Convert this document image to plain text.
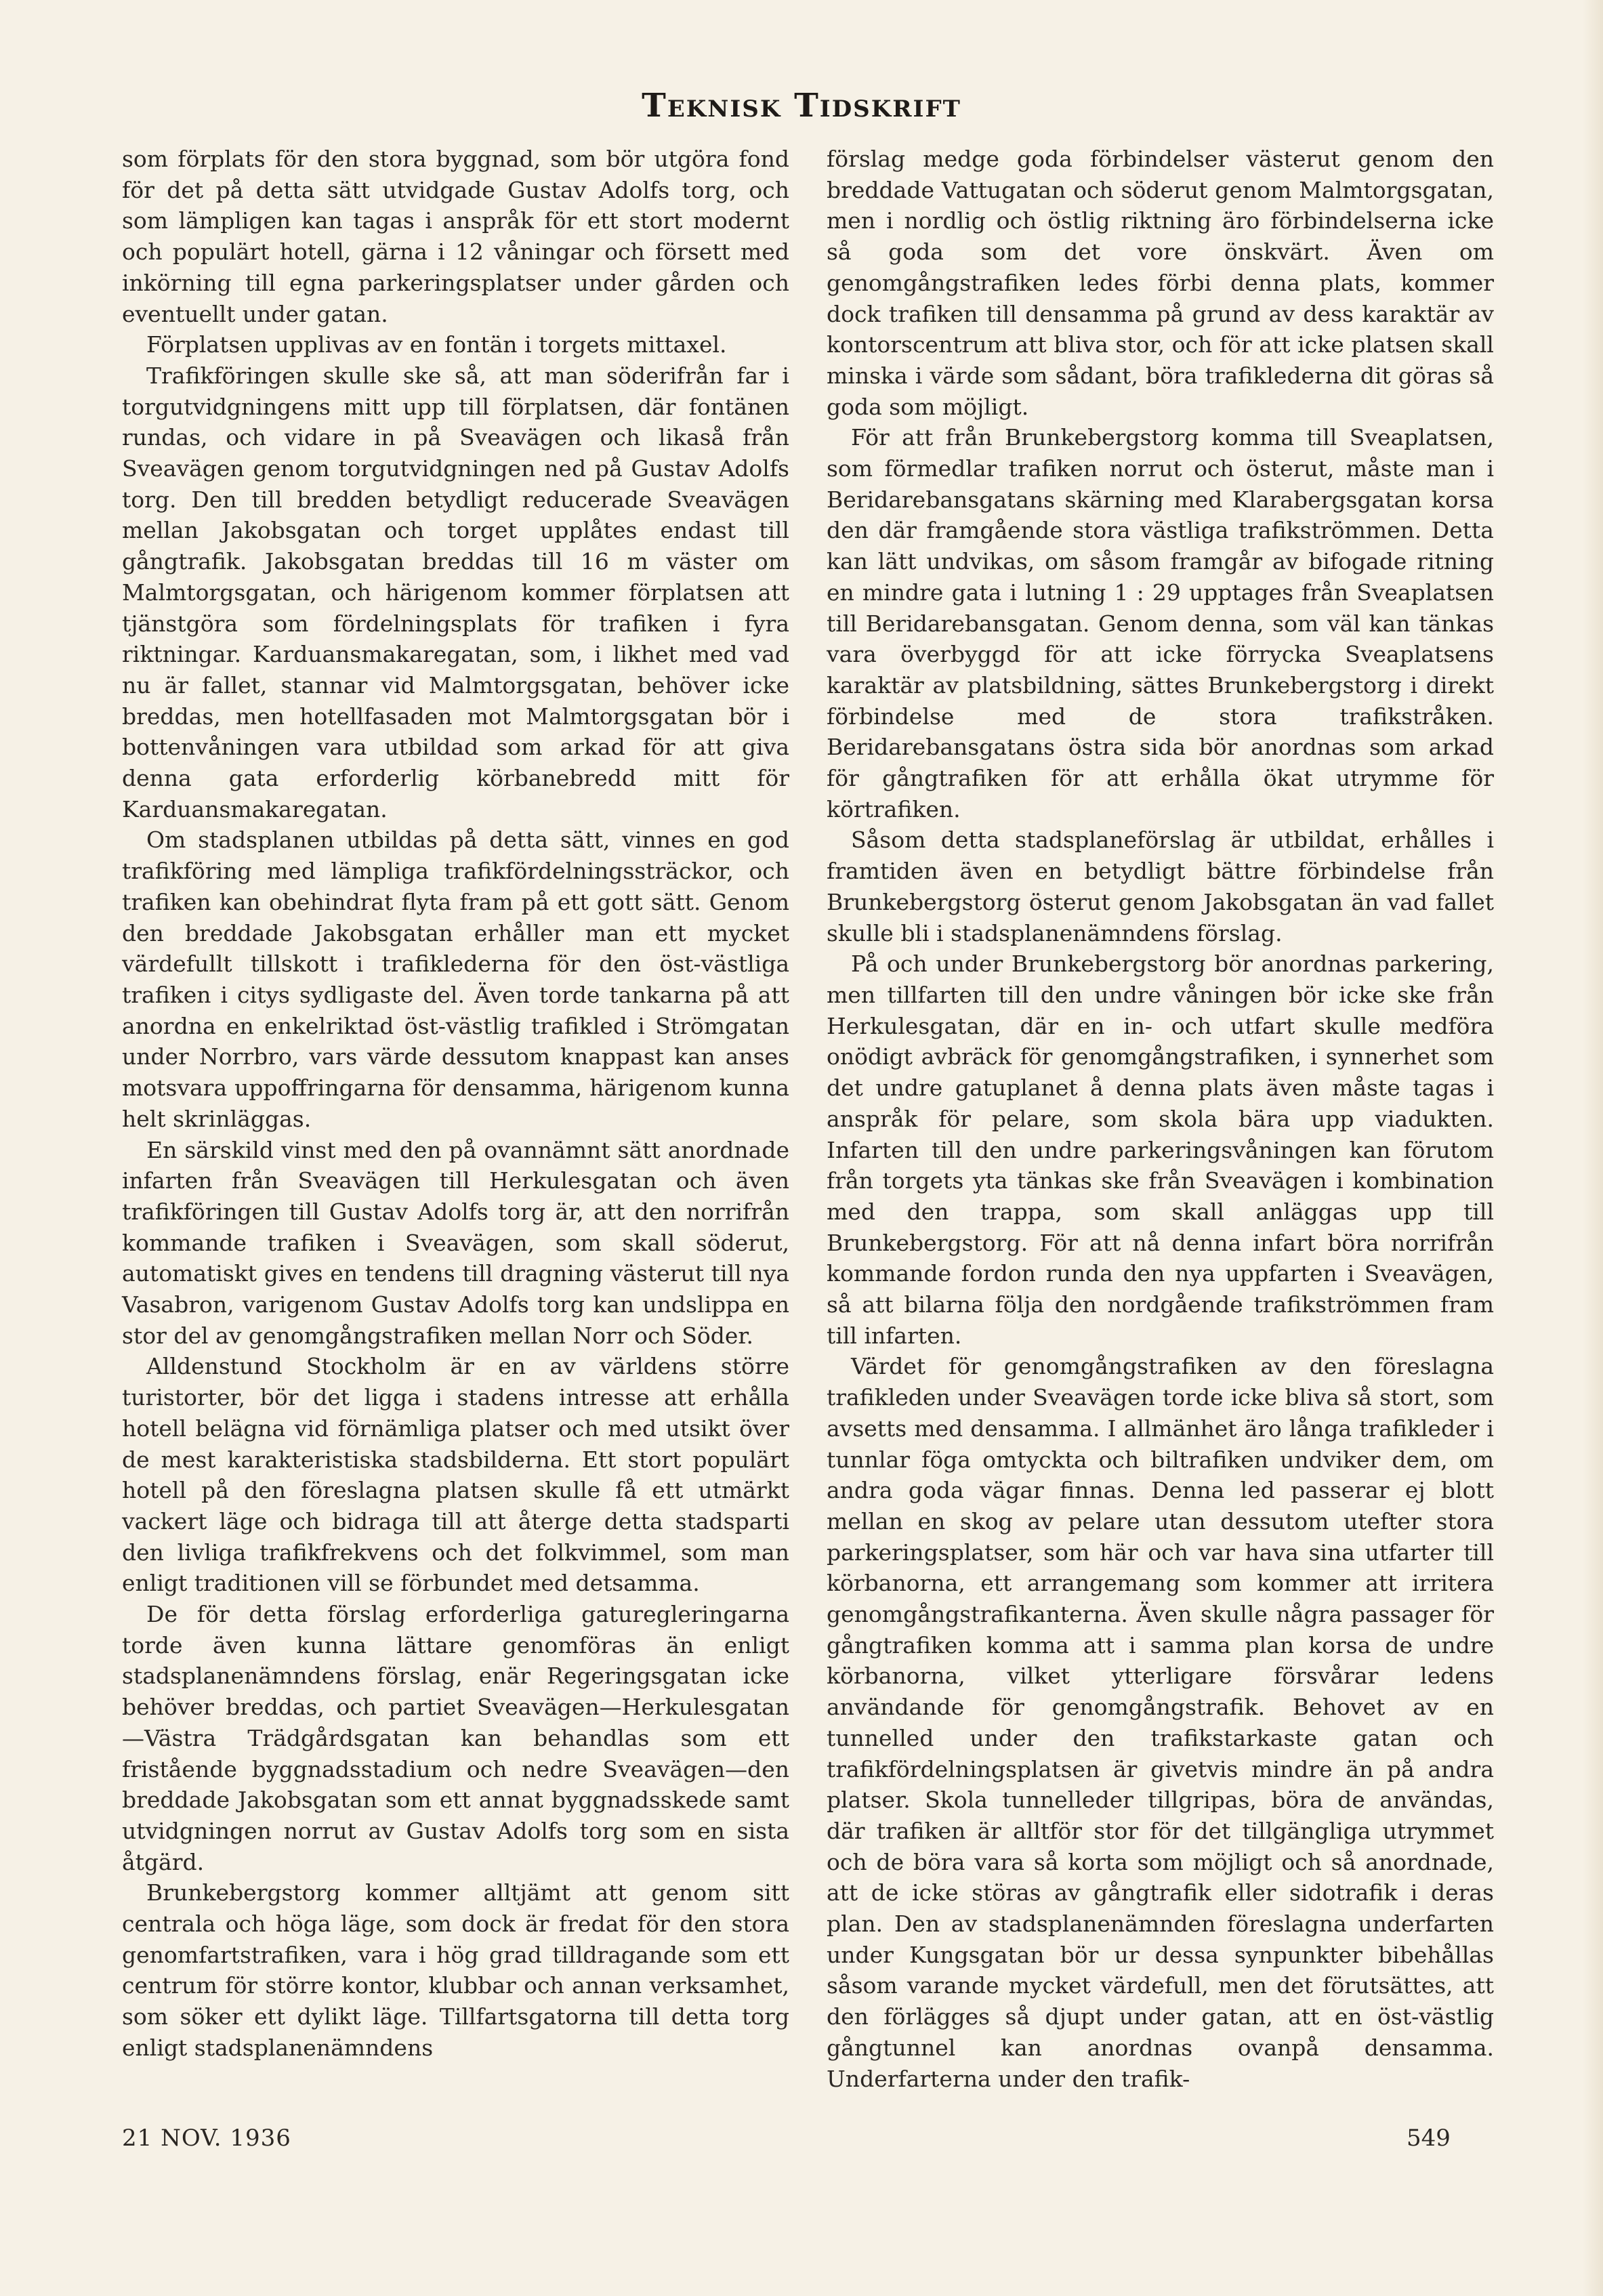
Teknisk Tidskrift

som förplats för den stora byggnad, som bör utgöra fond för det på detta sätt utvidgade Gustav Adolfs torg, och som lämpligen kan tagas i anspråk för ett stort modernt och populärt hotell, gärna i 12 våningar och försett med inkörning till egna parkeringsplatser under gården och eventuellt under gatan.

Förplatsen upplivas av en fontän i torgets mittaxel.

Trafikföringen skulle ske så, att man söderifrån far i torgutvidgningens mitt upp till förplatsen, där fontänen rundas, och vidare in på Sveavägen och likaså från Sveavägen genom torgutvidgningen ned på Gustav Adolfs torg. Den till bredden betydligt reducerade Sveavägen mellan Jakobsgatan och torget upplåtes endast till gångtrafik. Jakobsgatan breddas till 16 m väster om Malmtorgsgatan, och härigenom kommer förplatsen att tjänstgöra som fördelningsplats för trafiken i fyra riktningar. Karduansmakaregatan, som, i likhet med vad nu är fallet, stannar vid Malmtorgsgatan, behöver icke breddas, men hotellfasaden mot Malmtorgsgatan bör i bottenvåningen vara utbildad som arkad för att giva denna gata erforderlig körbanebredd mitt för Karduansmakaregatan.

Om stadsplanen utbildas på detta sätt, vinnes en god trafikföring med lämpliga trafikfördelningssträckor, och trafiken kan obehindrat flyta fram på ett gott sätt. Genom den breddade Jakobsgatan erhåller man ett mycket värdefullt tillskott i trafiklederna för den öst-västliga trafiken i citys sydligaste del. Även torde tankarna på att anordna en enkelriktad öst-västlig trafikled i Strömgatan under Norrbro, vars värde dessutom knappast kan anses motsvara uppoffringarna för densamma, härigenom kunna helt skrinläggas.

En särskild vinst med den på ovannämnt sätt anordnade infarten från Sveavägen till Herkulesgatan och även trafikföringen till Gustav Adolfs torg är, att den norrifrån kommande trafiken i Sveavägen, som skall söderut, automatiskt gives en tendens till dragning västerut till nya Vasabron, varigenom Gustav Adolfs torg kan undslippa en stor del av genomgångstrafiken mellan Norr och Söder.

Alldenstund Stockholm är en av världens större turistorter, bör det ligga i stadens intresse att erhålla hotell belägna vid förnämliga platser och med utsikt över de mest karakteristiska stadsbilderna. Ett stort populärt hotell på den föreslagna platsen skulle få ett utmärkt vackert läge och bidraga till att återge detta stadsparti den livliga trafikfrekvens och det folkvimmel, som man enligt traditionen vill se förbundet med detsamma.

De för detta förslag erforderliga gaturegleringarna torde även kunna lättare genomföras än enligt stadsplanenämndens förslag, enär Regeringsgatan icke behöver breddas, och partiet Sveavägen—Herkulesgatan—Västra Trädgårdsgatan kan behandlas som ett fristående byggnadsstadium och nedre Sveavägen—den breddade Jakobsgatan som ett annat byggnadsskede samt utvidgningen norrut av Gustav Adolfs torg som en sista åtgärd.

Brunkebergstorg kommer alltjämt att genom sitt centrala och höga läge, som dock är fredat för den stora genomfartstrafiken, vara i hög grad tilldragande som ett centrum för större kontor, klubbar och annan verksamhet, som söker ett dylikt läge. Tillfartsgatorna till detta torg enligt stadsplanenämndens

förslag medge goda förbindelser västerut genom den breddade Vattugatan och söderut genom Malmtorgsgatan, men i nordlig och östlig riktning äro förbindelserna icke så goda som det vore önskvärt. Även om genomgångstrafiken ledes förbi denna plats, kommer dock trafiken till densamma på grund av dess karaktär av kontorscentrum att bliva stor, och för att icke platsen skall minska i värde som sådant, böra trafiklederna dit göras så goda som möjligt.

För att från Brunkebergstorg komma till Sveaplatsen, som förmedlar trafiken norrut och österut, måste man i Beridarebansgatans skärning med Klarabergsgatan korsa den där framgående stora västliga trafikströmmen. Detta kan lätt undvikas, om såsom framgår av bifogade ritning en mindre gata i lutning 1 : 29 upptages från Sveaplatsen till Beridarebansgatan. Genom denna, som väl kan tänkas vara överbyggd för att icke förrycka Sveaplatsens karaktär av platsbildning, sättes Brunkebergstorg i direkt förbindelse med de stora trafikstråken. Beridarebansgatans östra sida bör anordnas som arkad för gångtrafiken för att erhålla ökat utrymme för körtrafiken.

Såsom detta stadsplaneförslag är utbildat, erhålles i framtiden även en betydligt bättre förbindelse från Brunkebergstorg österut genom Jakobsgatan än vad fallet skulle bli i stadsplanenämndens förslag.

På och under Brunkebergstorg bör anordnas parkering, men tillfarten till den undre våningen bör icke ske från Herkulesgatan, där en in- och utfart skulle medföra onödigt avbräck för genomgångstrafiken, i synnerhet som det undre gatuplanet å denna plats även måste tagas i anspråk för pelare, som skola bära upp viadukten. Infarten till den undre parkeringsvåningen kan förutom från torgets yta tänkas ske från Sveavägen i kombination med den trappa, som skall anläggas upp till Brunkebergstorg. För att nå denna infart böra norrifrån kommande fordon runda den nya uppfarten i Sveavägen, så att bilarna följa den nordgående trafikströmmen fram till infarten.

Värdet för genomgångstrafiken av den föreslagna trafikleden under Sveavägen torde icke bliva så stort, som avsetts med densamma. I allmänhet äro långa trafikleder i tunnlar föga omtyckta och biltrafiken undviker dem, om andra goda vägar finnas. Denna led passerar ej blott mellan en skog av pelare utan dessutom utefter stora parkeringsplatser, som här och var hava sina utfarter till körbanorna, ett arrangemang som kommer att irritera genomgångstrafikanterna. Även skulle några passager för gångtrafiken komma att i samma plan korsa de undre körbanorna, vilket ytterligare försvårar ledens användande för genomgångstrafik. Behovet av en tunnelled under den trafikstarkaste gatan och trafikfördelningsplatsen är givetvis mindre än på andra platser. Skola tunnelleder tillgripas, böra de användas, där trafiken är alltför stor för det tillgängliga utrymmet och de böra vara så korta som möjligt och så anordnade, att de icke störas av gångtrafik eller sidotrafik i deras plan. Den av stadsplanenämnden föreslagna underfarten under Kungsgatan bör ur dessa synpunkter bibehållas såsom varande mycket värdefull, men det förutsättes, att den förlägges så djupt under gatan, att en öst-västlig gångtunnel kan anordnas ovanpå densamma. Underfarterna under den trafik-

21 NOV. 1936	549
